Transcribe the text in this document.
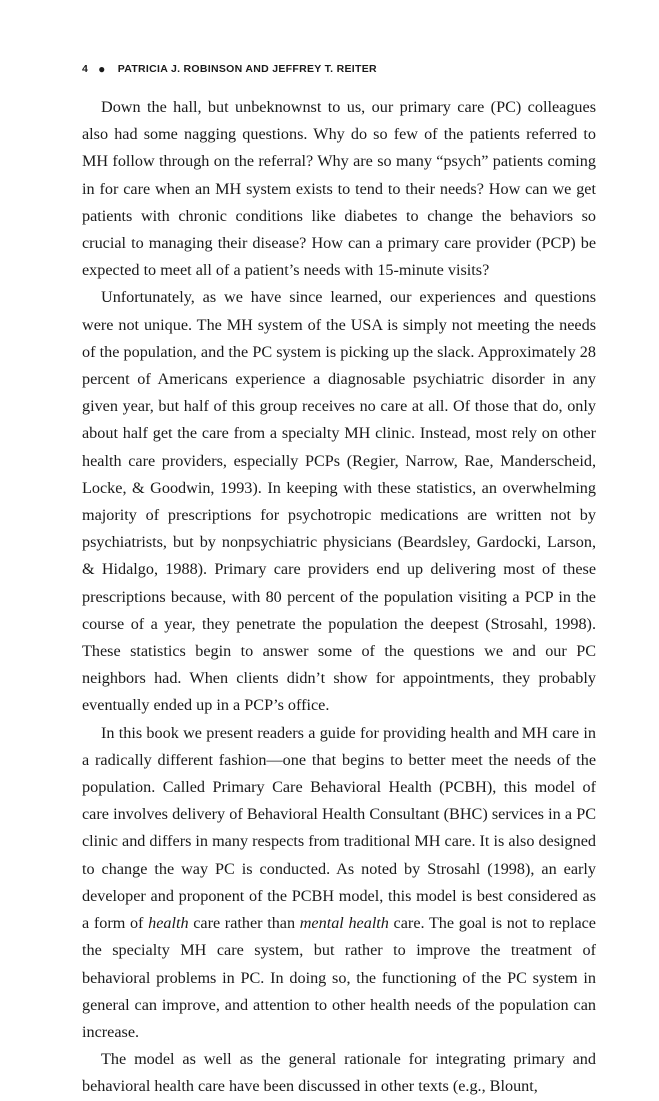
4 ● PATRICIA J. ROBINSON AND JEFFREY T. REITER

Down the hall, but unbeknownst to us, our primary care (PC) colleagues also had some nagging questions. Why do so few of the patients referred to MH follow through on the referral? Why are so many “psych” patients coming in for care when an MH system exists to tend to their needs? How can we get patients with chronic conditions like diabetes to change the behaviors so crucial to managing their disease? How can a primary care provider (PCP) be expected to meet all of a patient’s needs with 15-minute visits?

Unfortunately, as we have since learned, our experiences and questions were not unique. The MH system of the USA is simply not meeting the needs of the population, and the PC system is picking up the slack. Approximately 28 percent of Americans experience a diagnosable psychiatric disorder in any given year, but half of this group receives no care at all. Of those that do, only about half get the care from a specialty MH clinic. Instead, most rely on other health care providers, especially PCPs (Regier, Narrow, Rae, Manderscheid, Locke, & Goodwin, 1993). In keeping with these statistics, an overwhelming majority of prescriptions for psychotropic medications are written not by psychiatrists, but by nonpsychiatric physicians (Beardsley, Gardocki, Larson, & Hidalgo, 1988). Primary care providers end up delivering most of these prescriptions because, with 80 percent of the population visiting a PCP in the course of a year, they penetrate the population the deepest (Strosahl, 1998). These statistics begin to answer some of the questions we and our PC neighbors had. When clients didn’t show for appointments, they probably eventually ended up in a PCP’s office.

In this book we present readers a guide for providing health and MH care in a radically different fashion—one that begins to better meet the needs of the population. Called Primary Care Behavioral Health (PCBH), this model of care involves delivery of Behavioral Health Consultant (BHC) services in a PC clinic and differs in many respects from traditional MH care. It is also designed to change the way PC is conducted. As noted by Strosahl (1998), an early developer and proponent of the PCBH model, this model is best considered as a form of health care rather than mental health care. The goal is not to replace the specialty MH care system, but rather to improve the treatment of behavioral problems in PC. In doing so, the functioning of the PC system in general can improve, and attention to other health needs of the population can increase.

The model as well as the general rationale for integrating primary and behavioral health care have been discussed in other texts (e.g., Blount,
